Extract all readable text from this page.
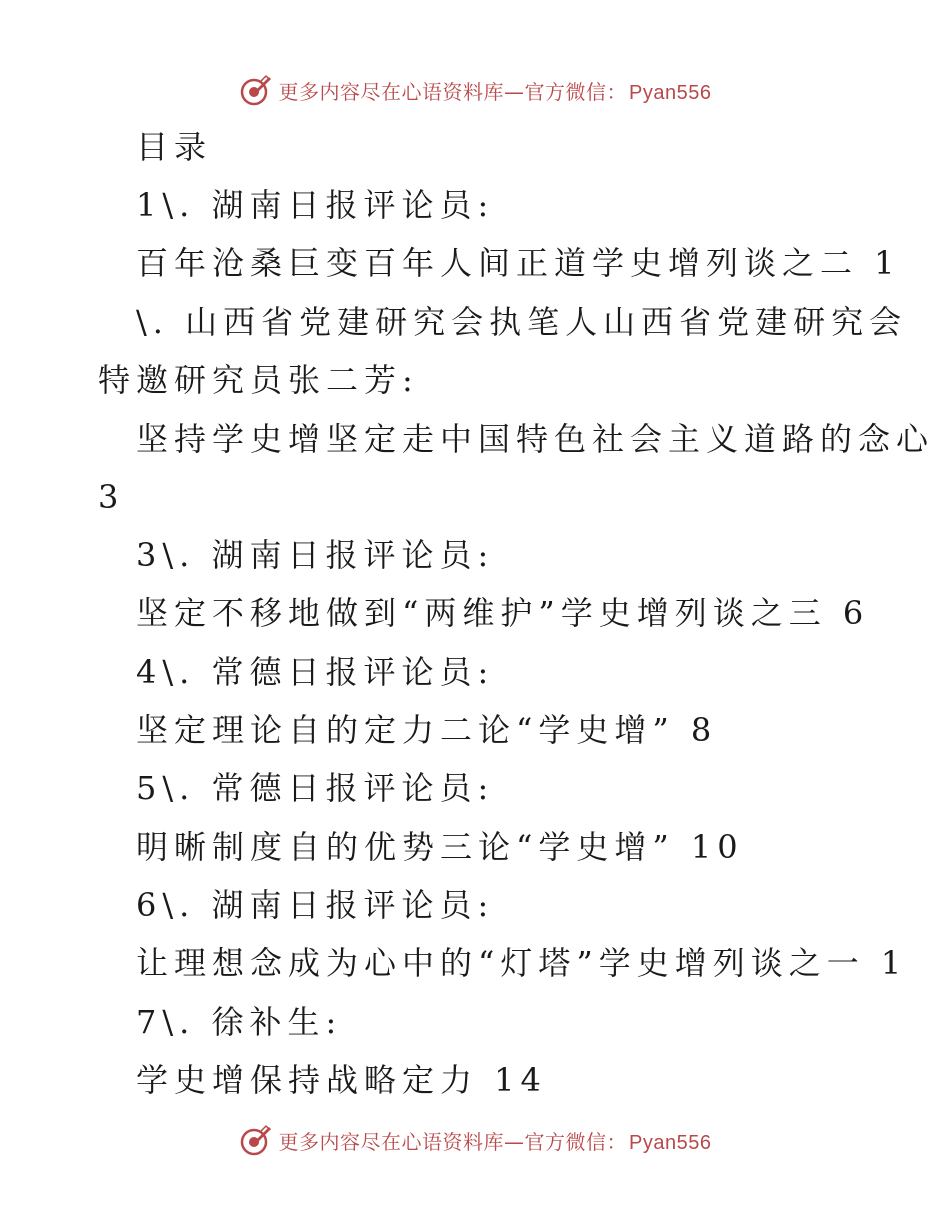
更多内容尽在心语资料库—官方微信： Pyan556
目录
1\. 湖南日报评论员:
百年沧桑巨变百年人间正道学史增列谈之二 1
\. 山西省党建研究会执笔人山西省党建研究会
特邀研究员张二芳:
坚持学史增坚定走中国特色社会主义道路的念心
3
3\. 湖南日报评论员:
坚定不移地做到“两维护”学史增列谈之三 6
4\. 常德日报评论员:
坚定理论自的定力二论“学史增” 8
5\. 常德日报评论员:
明晰制度自的优势三论“学史增” 10
6\. 湖南日报评论员:
让理想念成为心中的“灯塔”学史增列谈之一 1
7\. 徐补生:
学史增保持战略定力 14
更多内容尽在心语资料库—官方微信： Pyan556
